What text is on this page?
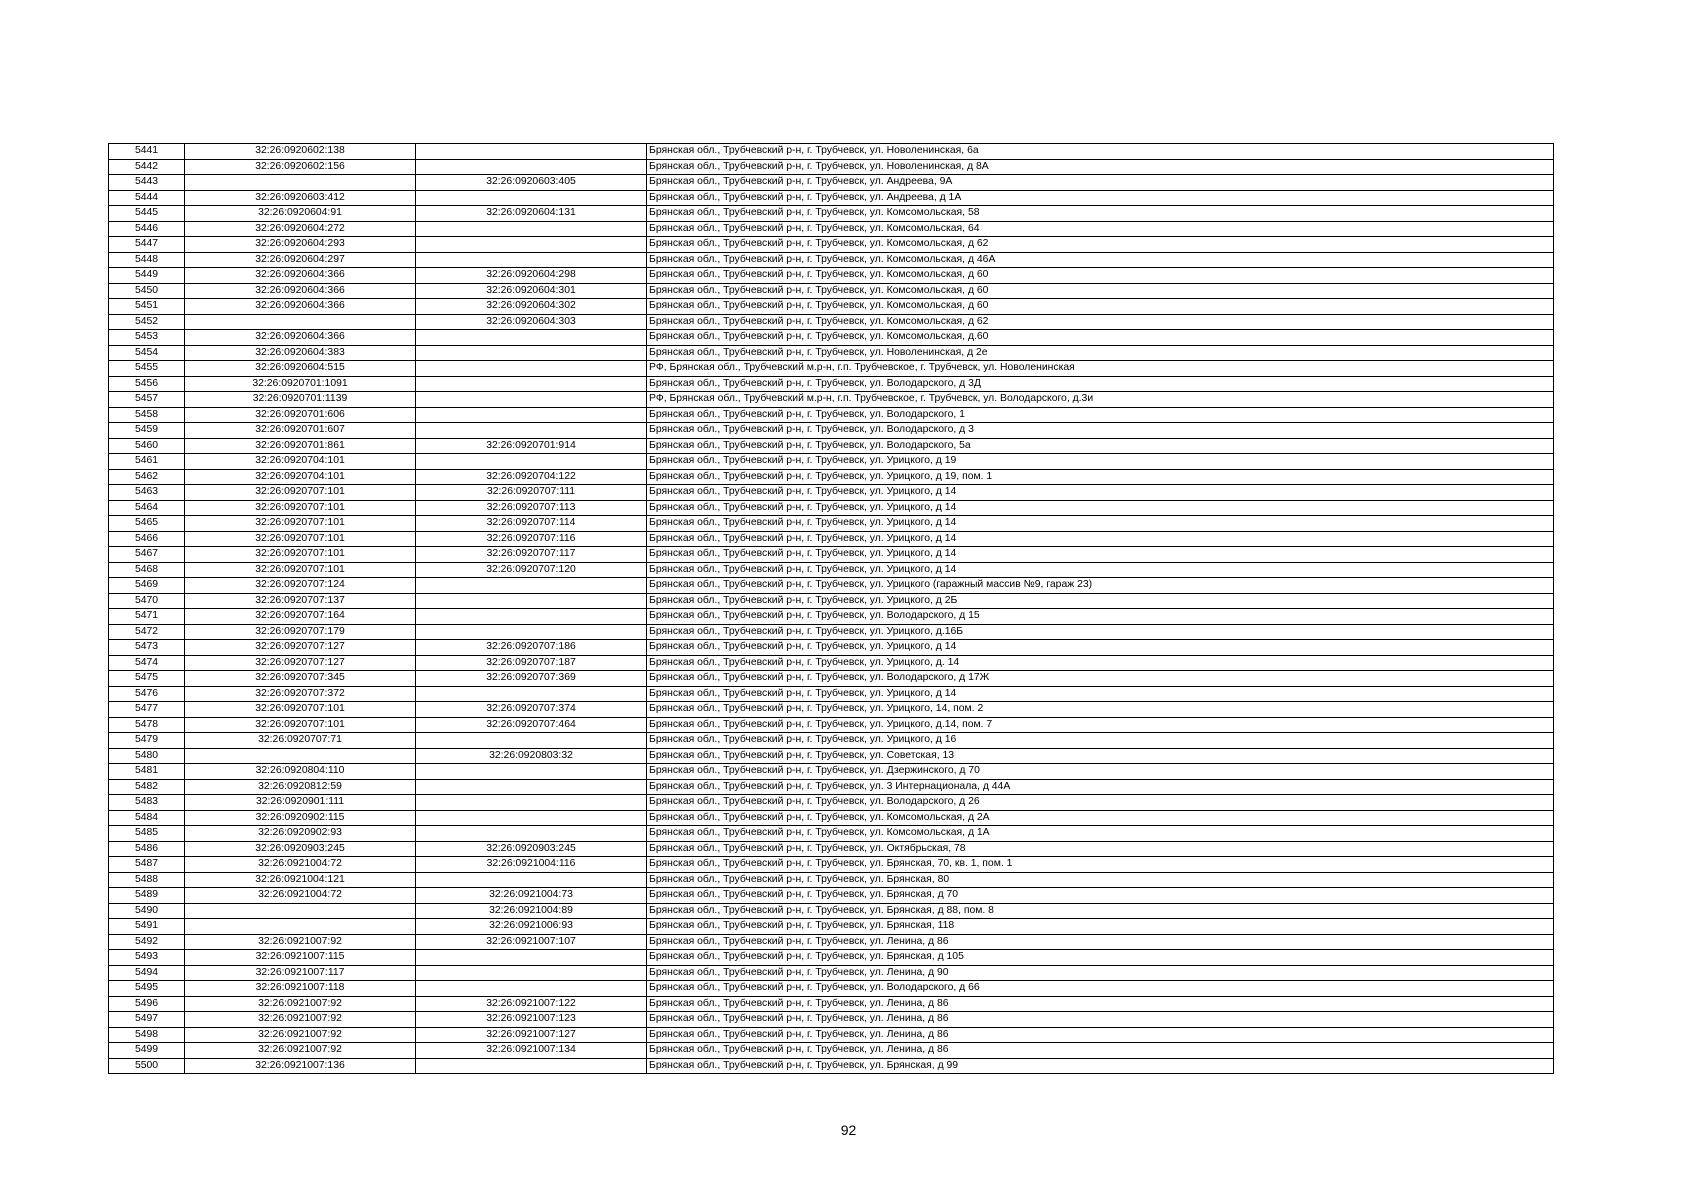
5441	32:26:0920602:138		Брянская обл., Трубчевский р-н, г. Трубчевск, ул. Новоленинская, 6а
5442	32:26:0920602:156		Брянская обл., Трубчевский р-н, г. Трубчевск, ул. Новоленинская, д 8А
5443		32:26:0920603:405	Брянская обл., Трубчевский р-н, г. Трубчевск, ул. Андреева, 9А
5444	32:26:0920603:412		Брянская обл., Трубчевский р-н, г. Трубчевск, ул. Андреева, д 1А
5445	32:26:0920604:91	32:26:0920604:131	Брянская обл., Трубчевский р-н, г. Трубчевск, ул. Комсомольская, 58
5446	32:26:0920604:272		Брянская обл., Трубчевский р-н, г. Трубчевск, ул. Комсомольская, 64
5447	32:26:0920604:293		Брянская обл., Трубчевский р-н, г. Трубчевск, ул. Комсомольская, д 62
5448	32:26:0920604:297		Брянская обл., Трубчевский р-н, г. Трубчевск, ул. Комсомольская, д 46А
5449	32:26:0920604:366	32:26:0920604:298	Брянская обл., Трубчевский р-н, г. Трубчевск, ул. Комсомольская, д 60
5450	32:26:0920604:366	32:26:0920604:301	Брянская обл., Трубчевский р-н, г. Трубчевск, ул. Комсомольская, д 60
5451	32:26:0920604:366	32:26:0920604:302	Брянская обл., Трубчевский р-н, г. Трубчевск, ул. Комсомольская, д 60
5452		32:26:0920604:303	Брянская обл., Трубчевский р-н, г. Трубчевск, ул. Комсомольская, д 62
5453	32:26:0920604:366		Брянская обл., Трубчевский р-н, г. Трубчевск, ул. Комсомольская, д.60
5454	32:26:0920604:383		Брянская обл., Трубчевский р-н, г. Трубчевск, ул. Новоленинская, д 2е
5455	32:26:0920604:515		РФ, Брянская обл., Трубчевский м.р-н, г.п. Трубчевское, г. Трубчевск, ул. Новоленинская
5456	32:26:0920701:1091		Брянская обл., Трубчевский р-н, г. Трубчевск, ул. Володарского, д 3Д
5457	32:26:0920701:1139		РФ, Брянская обл., Трубчевский м.р-н, г.п. Трубчевское, г. Трубчевск, ул. Володарского, д.3и
5458	32:26:0920701:606		Брянская обл., Трубчевский р-н, г. Трубчевск, ул. Володарского, 1
5459	32:26:0920701:607		Брянская обл., Трубчевский р-н, г. Трубчевск, ул. Володарского, д 3
5460	32:26:0920701:861	32:26:0920701:914	Брянская обл., Трубчевский р-н, г. Трубчевск, ул. Володарского, 5а
5461	32:26:0920704:101		Брянская обл., Трубчевский р-н, г. Трубчевск, ул. Урицкого, д 19
5462	32:26:0920704:101	32:26:0920704:122	Брянская обл., Трубчевский р-н, г. Трубчевск, ул. Урицкого, д 19, пом. 1
5463	32:26:0920707:101	32:26:0920707:111	Брянская обл., Трубчевский р-н, г. Трубчевск, ул. Урицкого, д 14
5464	32:26:0920707:101	32:26:0920707:113	Брянская обл., Трубчевский р-н, г. Трубчевск, ул. Урицкого, д 14
5465	32:26:0920707:101	32:26:0920707:114	Брянская обл., Трубчевский р-н, г. Трубчевск, ул. Урицкого, д 14
5466	32:26:0920707:101	32:26:0920707:116	Брянская обл., Трубчевский р-н, г. Трубчевск, ул. Урицкого, д 14
5467	32:26:0920707:101	32:26:0920707:117	Брянская обл., Трубчевский р-н, г. Трубчевск, ул. Урицкого, д 14
5468	32:26:0920707:101	32:26:0920707:120	Брянская обл., Трубчевский р-н, г. Трубчевск, ул. Урицкого, д 14
5469	32:26:0920707:124		Брянская обл., Трубчевский р-н, г. Трубчевск, ул. Урицкого (гаражный массив №9, гараж 23)
5470	32:26:0920707:137		Брянская обл., Трубчевский р-н, г. Трубчевск, ул. Урицкого, д 2Б
5471	32:26:0920707:164		Брянская обл., Трубчевский р-н, г. Трубчевск, ул. Володарского, д 15
5472	32:26:0920707:179		Брянская обл., Трубчевский р-н, г. Трубчевск, ул. Урицкого, д.16Б
5473	32:26:0920707:127	32:26:0920707:186	Брянская обл., Трубчевский р-н, г. Трубчевск, ул. Урицкого, д 14
5474	32:26:0920707:127	32:26:0920707:187	Брянская обл., Трубчевский р-н, г. Трубчевск, ул. Урицкого, д. 14
5475	32:26:0920707:345	32:26:0920707:369	Брянская обл., Трубчевский р-н, г. Трубчевск, ул. Володарского, д 17Ж
5476	32:26:0920707:372		Брянская обл., Трубчевский р-н, г. Трубчевск, ул. Урицкого, д 14
5477	32:26:0920707:101	32:26:0920707:374	Брянская обл., Трубчевский р-н, г. Трубчевск, ул. Урицкого, 14, пом. 2
5478	32:26:0920707:101	32:26:0920707:464	Брянская обл., Трубчевский р-н, г. Трубчевск, ул. Урицкого, д.14, пом. 7
5479	32:26:0920707:71		Брянская обл., Трубчевский р-н, г. Трубчевск, ул. Урицкого, д 16
5480		32:26:0920803:32	Брянская обл., Трубчевский р-н, г. Трубчевск, ул. Советская, 13
5481	32:26:0920804:110		Брянская обл., Трубчевский р-н, г. Трубчевск, ул. Дзержинского, д 70
5482	32:26:0920812:59		Брянская обл., Трубчевский р-н, г. Трубчевск, ул. 3 Интернационала, д 44А
5483	32:26:0920901:111		Брянская обл., Трубчевский р-н, г. Трубчевск, ул. Володарского, д 26
5484	32:26:0920902:115		Брянская обл., Трубчевский р-н, г. Трубчевск, ул. Комсомольская, д 2А
5485	32:26:0920902:93		Брянская обл., Трубчевский р-н, г. Трубчевск, ул. Комсомольская, д 1А
5486	32:26:0920903:245	32:26:0920903:245	Брянская обл., Трубчевский р-н, г. Трубчевск, ул. Октябрьская, 78
5487	32:26:0921004:72	32:26:0921004:116	Брянская обл., Трубчевский р-н, г. Трубчевск, ул. Брянская, 70, кв. 1, пом. 1
5488	32:26:0921004:121		Брянская обл., Трубчевский р-н, г. Трубчевск, ул. Брянская, 80
5489	32:26:0921004:72	32:26:0921004:73	Брянская обл., Трубчевский р-н, г. Трубчевск, ул. Брянская, д 70
5490		32:26:0921004:89	Брянская обл., Трубчевский р-н, г. Трубчевск, ул. Брянская, д 88, пом. 8
5491		32:26:0921006:93	Брянская обл., Трубчевский р-н, г. Трубчевск, ул. Брянская, 118
5492	32:26:0921007:92	32:26:0921007:107	Брянская обл., Трубчевский р-н, г. Трубчевск, ул. Ленина, д 86
5493	32:26:0921007:115		Брянская обл., Трубчевский р-н, г. Трубчевск, ул. Брянская, д 105
5494	32:26:0921007:117		Брянская обл., Трубчевский р-н, г. Трубчевск, ул. Ленина, д 90
5495	32:26:0921007:118		Брянская обл., Трубчевский р-н, г. Трубчевск, ул. Володарского, д 66
5496	32:26:0921007:92	32:26:0921007:122	Брянская обл., Трубчевский р-н, г. Трубчевск, ул. Ленина, д 86
5497	32:26:0921007:92	32:26:0921007:123	Брянская обл., Трубчевский р-н, г. Трубчевск, ул. Ленина, д 86
5498	32:26:0921007:92	32:26:0921007:127	Брянская обл., Трубчевский р-н, г. Трубчевск, ул. Ленина, д 86
5499	32:26:0921007:92	32:26:0921007:134	Брянская обл., Трубчевский р-н, г. Трубчевск, ул. Ленина, д 86
5500	32:26:0921007:136		Брянская обл., Трубчевский р-н, г. Трубчевск, ул. Брянская, д 99
92
